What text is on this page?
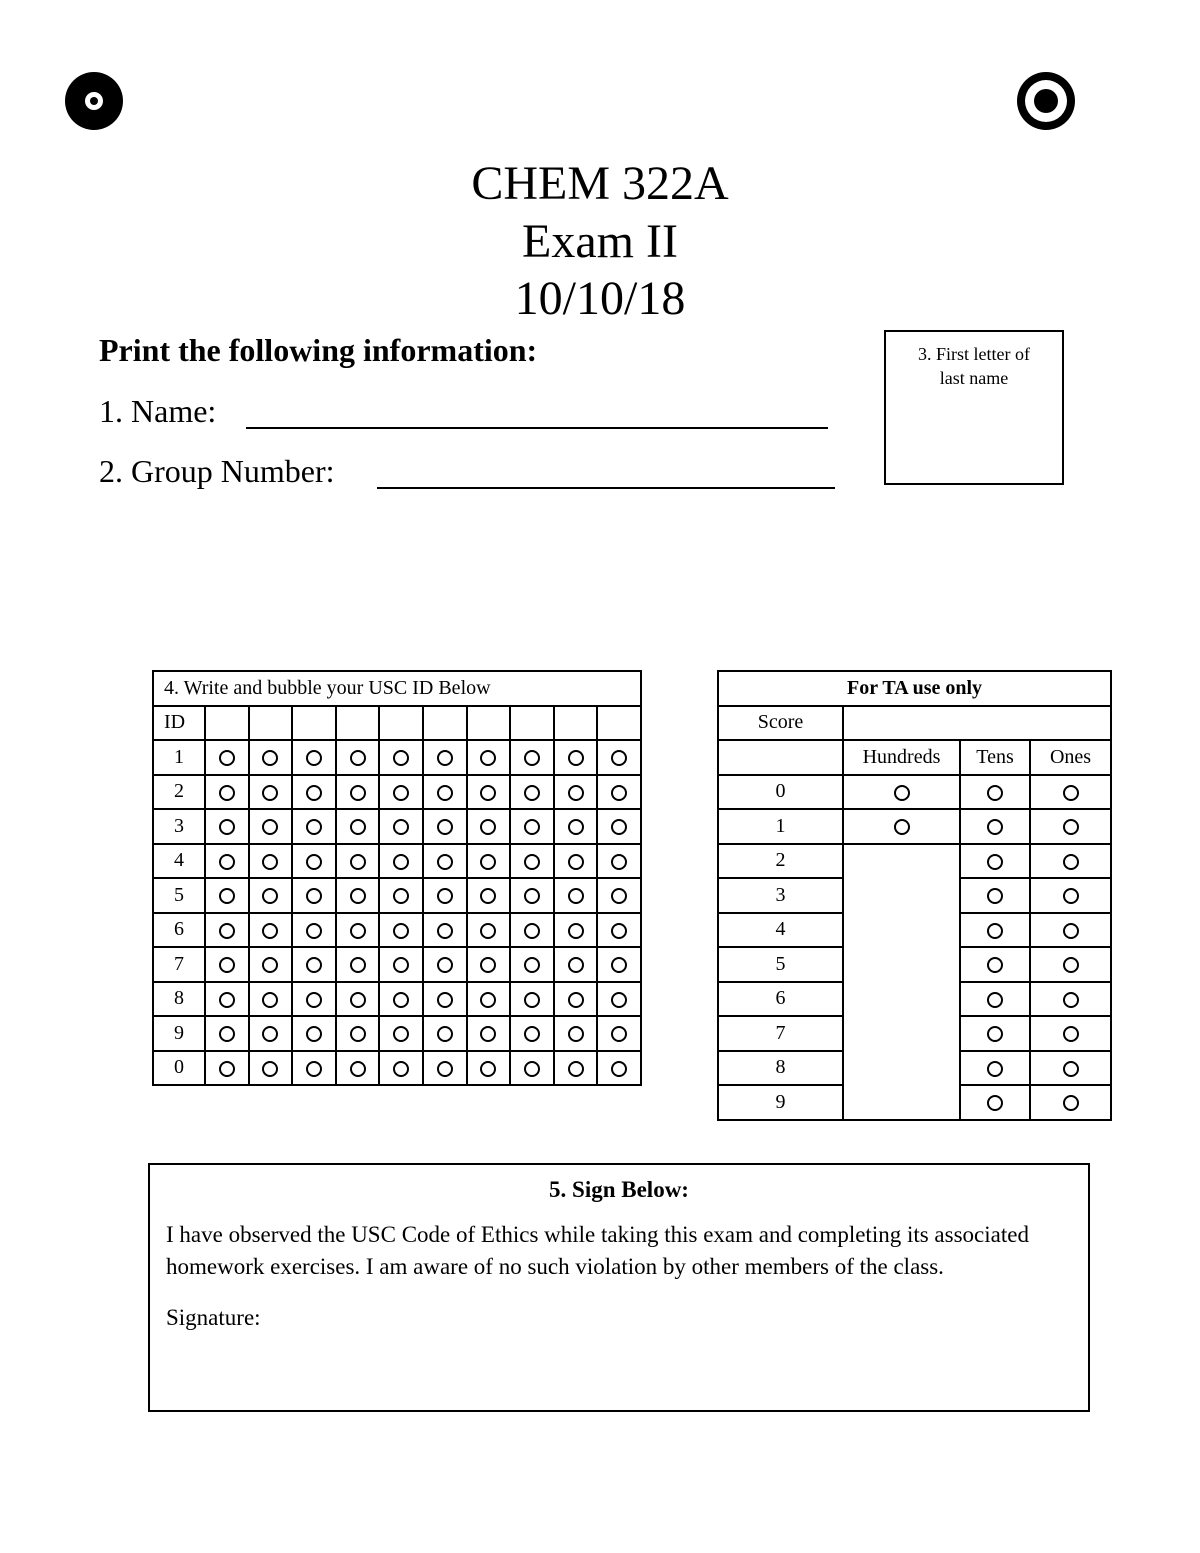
CHEM 322A
Exam II
10/10/18
Print the following information:
1. Name:
2. Group Number:
3. First letter of
last name
4. Write and bubble your USC ID Below										
ID										
1										
2										
3										
4										
5										
6										
7										
8										
9										
0										
For TA use only			
Score			
	Hundreds	Tens	Ones
0			
1			
2			
3			
4			
5			
6			
7			
8			
9			
5. Sign Below:
I have observed the USC Code of Ethics while taking this exam and completing its associated homework exercises. I am aware of no such violation by other members of the class.
Signature:
